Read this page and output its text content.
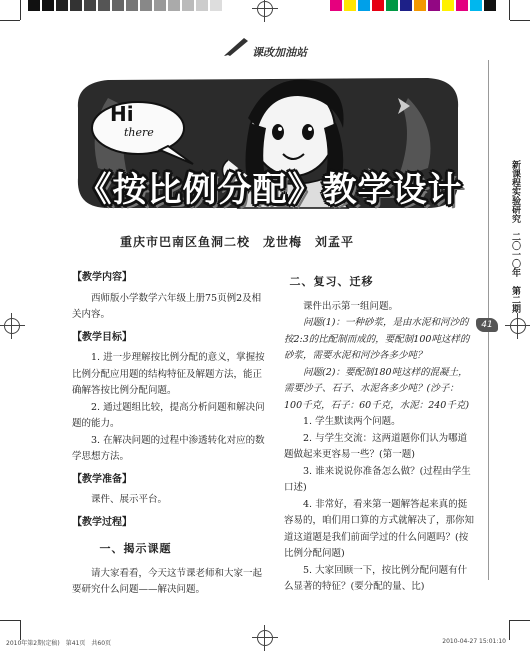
课改加油站
Hi
there
《按比例分配》教学设计
重庆市巴南区鱼洞二校　龙世梅　刘孟平	新课程实验研究　二〇一〇年　第二期
41

【教学内容】

西师版小学数学六年级上册75页例2及相关内容。

【教学目标】

1. 进一步理解按比例分配的意义，掌握按比例分配应用题的结构特征及解题方法，能正确解答按比例分配问题。

2. 通过题组比较，提高分析问题和解决问题的能力。

3. 在解决问题的过程中渗透转化对应的数学思想方法。

【教学准备】

课件、展示平台。

【教学过程】

一、揭示课题

请大家看看，今天这节课老师和大家一起要研究什么问题——解决问题。

二、复习、迁移

课件出示第一组问题。

问题(1)：一种砂浆，是由水泥和河沙的按2:3的比配制而成的，要配制100吨这样的砂浆，需要水泥和河沙各多少吨？

问题(2)：要配制180吨这样的混凝土，需要沙子、石子、水泥各多少吨？(沙子：100千克，石子：60千克，水泥：240千克)

1. 学生默读两个问题。

2. 与学生交流：这两道题你们认为哪道题做起来更容易一些？(第一题)

3. 谁来说说你准备怎么做？(过程由学生口述)

4. 非常好，看来第一题解答起来真的挺容易的，咱们用口算的方式就解决了，那你知道这道题是我们前面学过的什么问题吗？(按比例分配问题)

5. 大家回顾一下，按比例分配问题有什么显著的特征？(要分配的量、比)

2010年第2期(定稿)　第41页　共60页	2010-04-27 15:01:10
